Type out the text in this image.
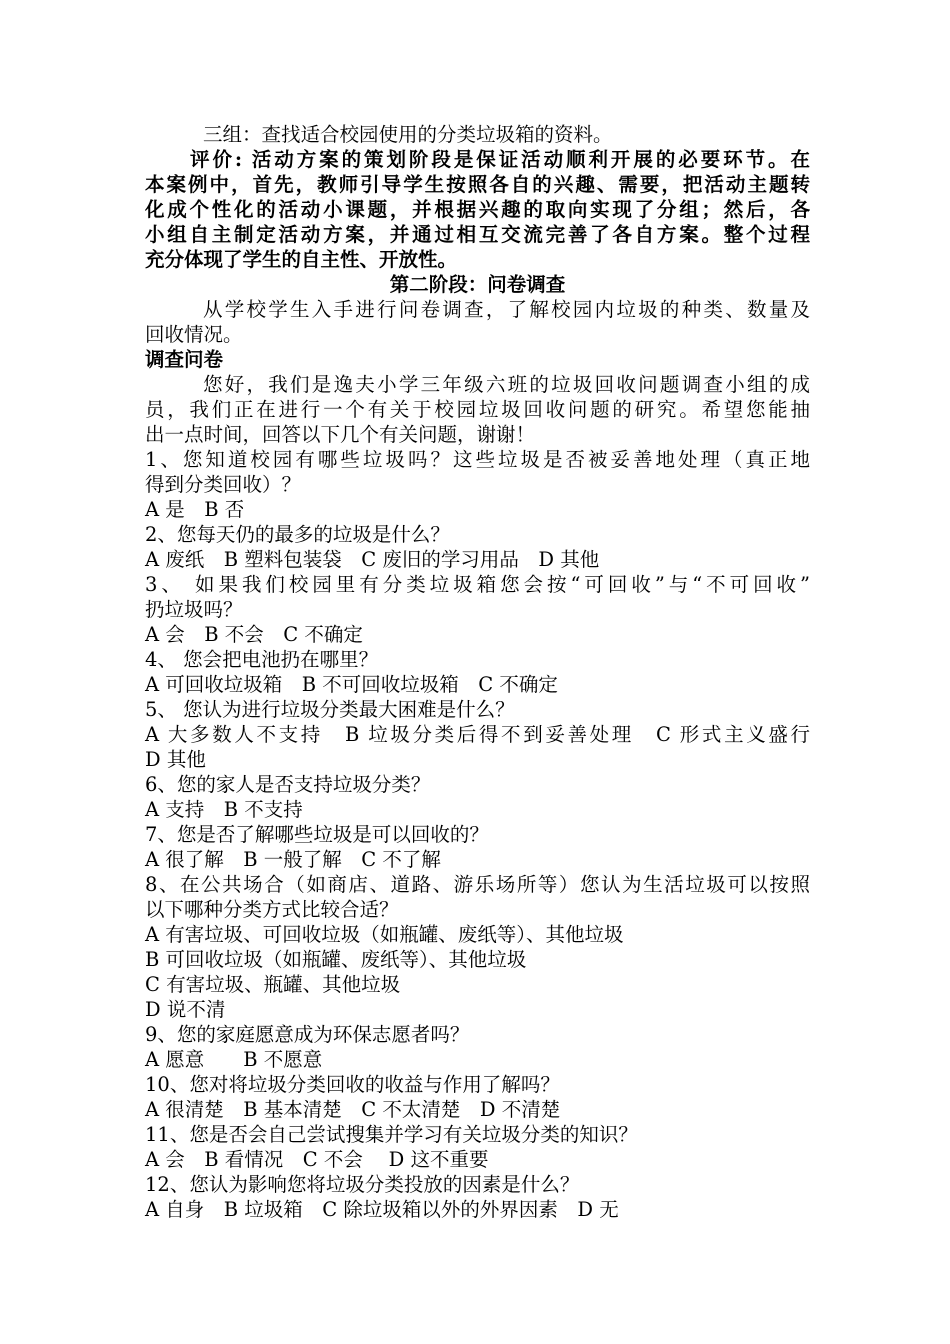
三组：查找适合校园使用的分类垃圾箱的资料。
评价: 活动方案的策划阶段是保证活动顺利开展的必要环节。在
本案例中，首先，教师引导学生按照各自的兴趣、需要，把活动主题转
化成个性化的活动小课题，并根据兴趣的取向实现了分组；然后，各
小组自主制定活动方案，并通过相互交流完善了各自方案。整个过程
充分体现了学生的自主性、开放性。
第二阶段：问卷调查
从学校学生入手进行问卷调查，了解校园内垃圾的种类、数量及
回收情况。
调查问卷
您好，我们是逸夫小学三年级六班的垃圾回收问题调查小组的成
员，我们正在进行一个有关于校园垃圾回收问题的研究。希望您能抽
出一点时间，回答以下几个有关问题，谢谢！
1、您知道校园有哪些垃圾吗？这些垃圾是否被妥善地处理（真正地
得到分类回收）？
A 是　B 否
2、您每天仍的最多的垃圾是什么？
A 废纸　B 塑料包装袋　C 废旧的学习用品　D 其他
3、 如果我们校园里有分类垃圾箱您会按“可回收”与“不可回收”
扔垃圾吗？
A 会　B 不会　C 不确定
4、 您会把电池扔在哪里？
A 可回收垃圾箱　B 不可回收垃圾箱　C 不确定
5、 您认为进行垃圾分类最大困难是什么？
A 大多数人不支持　B 垃圾分类后得不到妥善处理　C 形式主义盛行
D 其他
6、您的家人是否支持垃圾分类？
A 支持　B 不支持
7、您是否了解哪些垃圾是可以回收的？
A 很了解　B 一般了解　C 不了解
8、在公共场合（如商店、道路、游乐场所等）您认为生活垃圾可以按照
以下哪种分类方式比较合适？
A 有害垃圾、可回收垃圾（如瓶罐、废纸等）、其他垃圾
B 可回收垃圾（如瓶罐、废纸等）、其他垃圾
C 有害垃圾、瓶罐、其他垃圾
D 说不清
9、您的家庭愿意成为环保志愿者吗？
A 愿意　　B 不愿意
10、您对将垃圾分类回收的收益与作用了解吗？
A 很清楚　B 基本清楚　C 不太清楚　D 不清楚
11、您是否会自己尝试搜集并学习有关垃圾分类的知识？
A 会　B 看情况　C 不会　 D 这不重要
12、您认为影响您将垃圾分类投放的因素是什么？
A 自身　B 垃圾箱　C 除垃圾箱以外的外界因素　D 无
